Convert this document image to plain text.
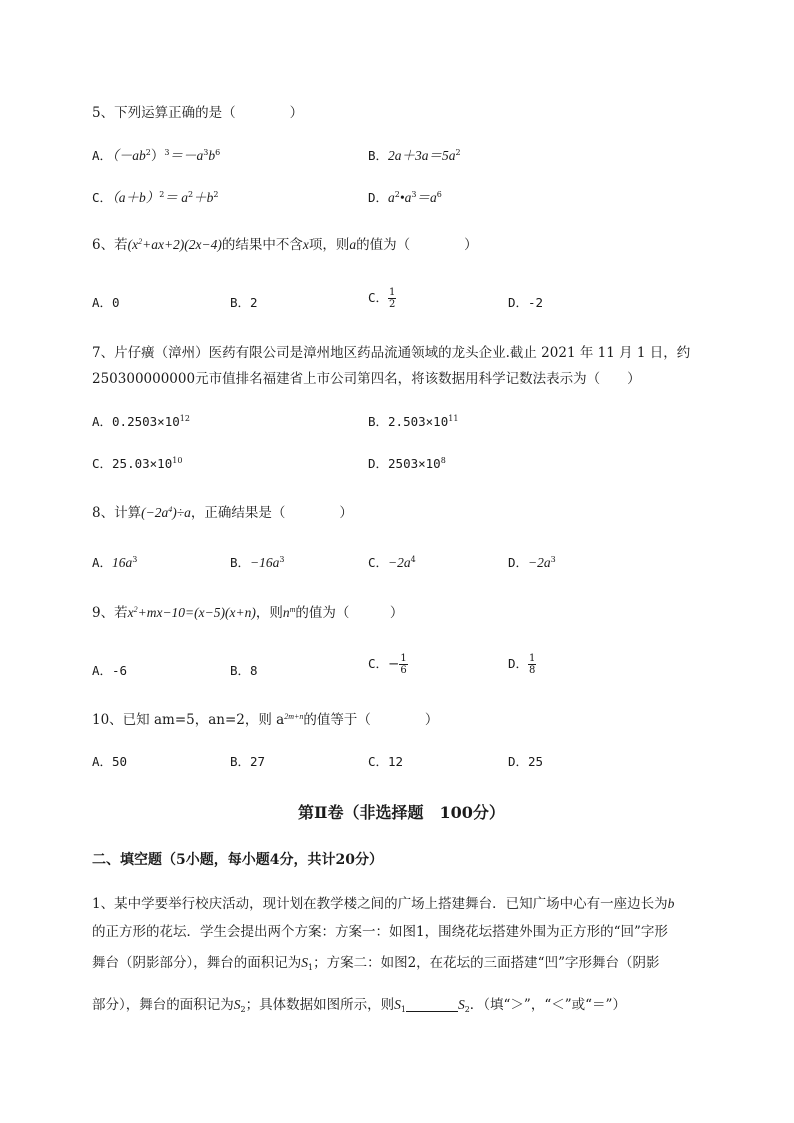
5、下列运算正确的是（　　　　）
A．$(-ab^2)^3=-a^3b^6$	B．$2a+3a=5a^2$
C．$(a+b)^2= a^2+b^2$	D．$a^2•a^3=a^6$
6、若$(x^2+ax+2)(2x-4)$的结果中不含x项，则a的值为（　　　　）
A．0	B．2	C． $\frac{1}{2}$	D．-2
7、片仔癀（漳州）医药有限公司是漳州地区药品流通领域的龙头企业.截止 2021 年 11 月 1 日，约
250300000000元市值排名福建省上市公司第四名，将该数据用科学记数法表示为（　　）
A．$0.2503\times 10^{12}$	B．$2.503\times 10^{11}$
C．$25.03\times 10^{10}$	D．$2503\times 10^8$
8、计算$(-2a^4)\div a$，正确结果是（　　　　）
A．$16a^3$	B．$-16a^3$	C．$-2a^4$	D．$-2a^3$
9、若$x^2+mx-10=(x-5)(x+n)$，则$n^m$的值为（　　　）
A．-6	B．8	C．− $\frac{1}{6}$	D． $\frac{1}{8}$
10、已知 am=5，an=2，则 $a^{2m+n}$的值等于（　　　　）
A．50	B．27	C．12	D．25
第Ⅱ卷（非选择题　100分）
二、填空题（5小题，每小题4分，共计20分）
1、某中学要举行校庆活动，现计划在教学楼之间的广场上搭建舞台．已知广场中心有一座边长为b
的正方形的花坛．学生会提出两个方案：方案一：如图1，围绕花坛搭建外围为正方形的“回”字形
舞台（阴影部分），舞台的面积记为$S_1$；方案二：如图2，在花坛的三面搭建“凹”字形舞台（阴影
部分），舞台的面积记为$S_2$；具体数据如图所示，则$S_1$	$S_2$．（填“＞”，“＜”或“＝”）
